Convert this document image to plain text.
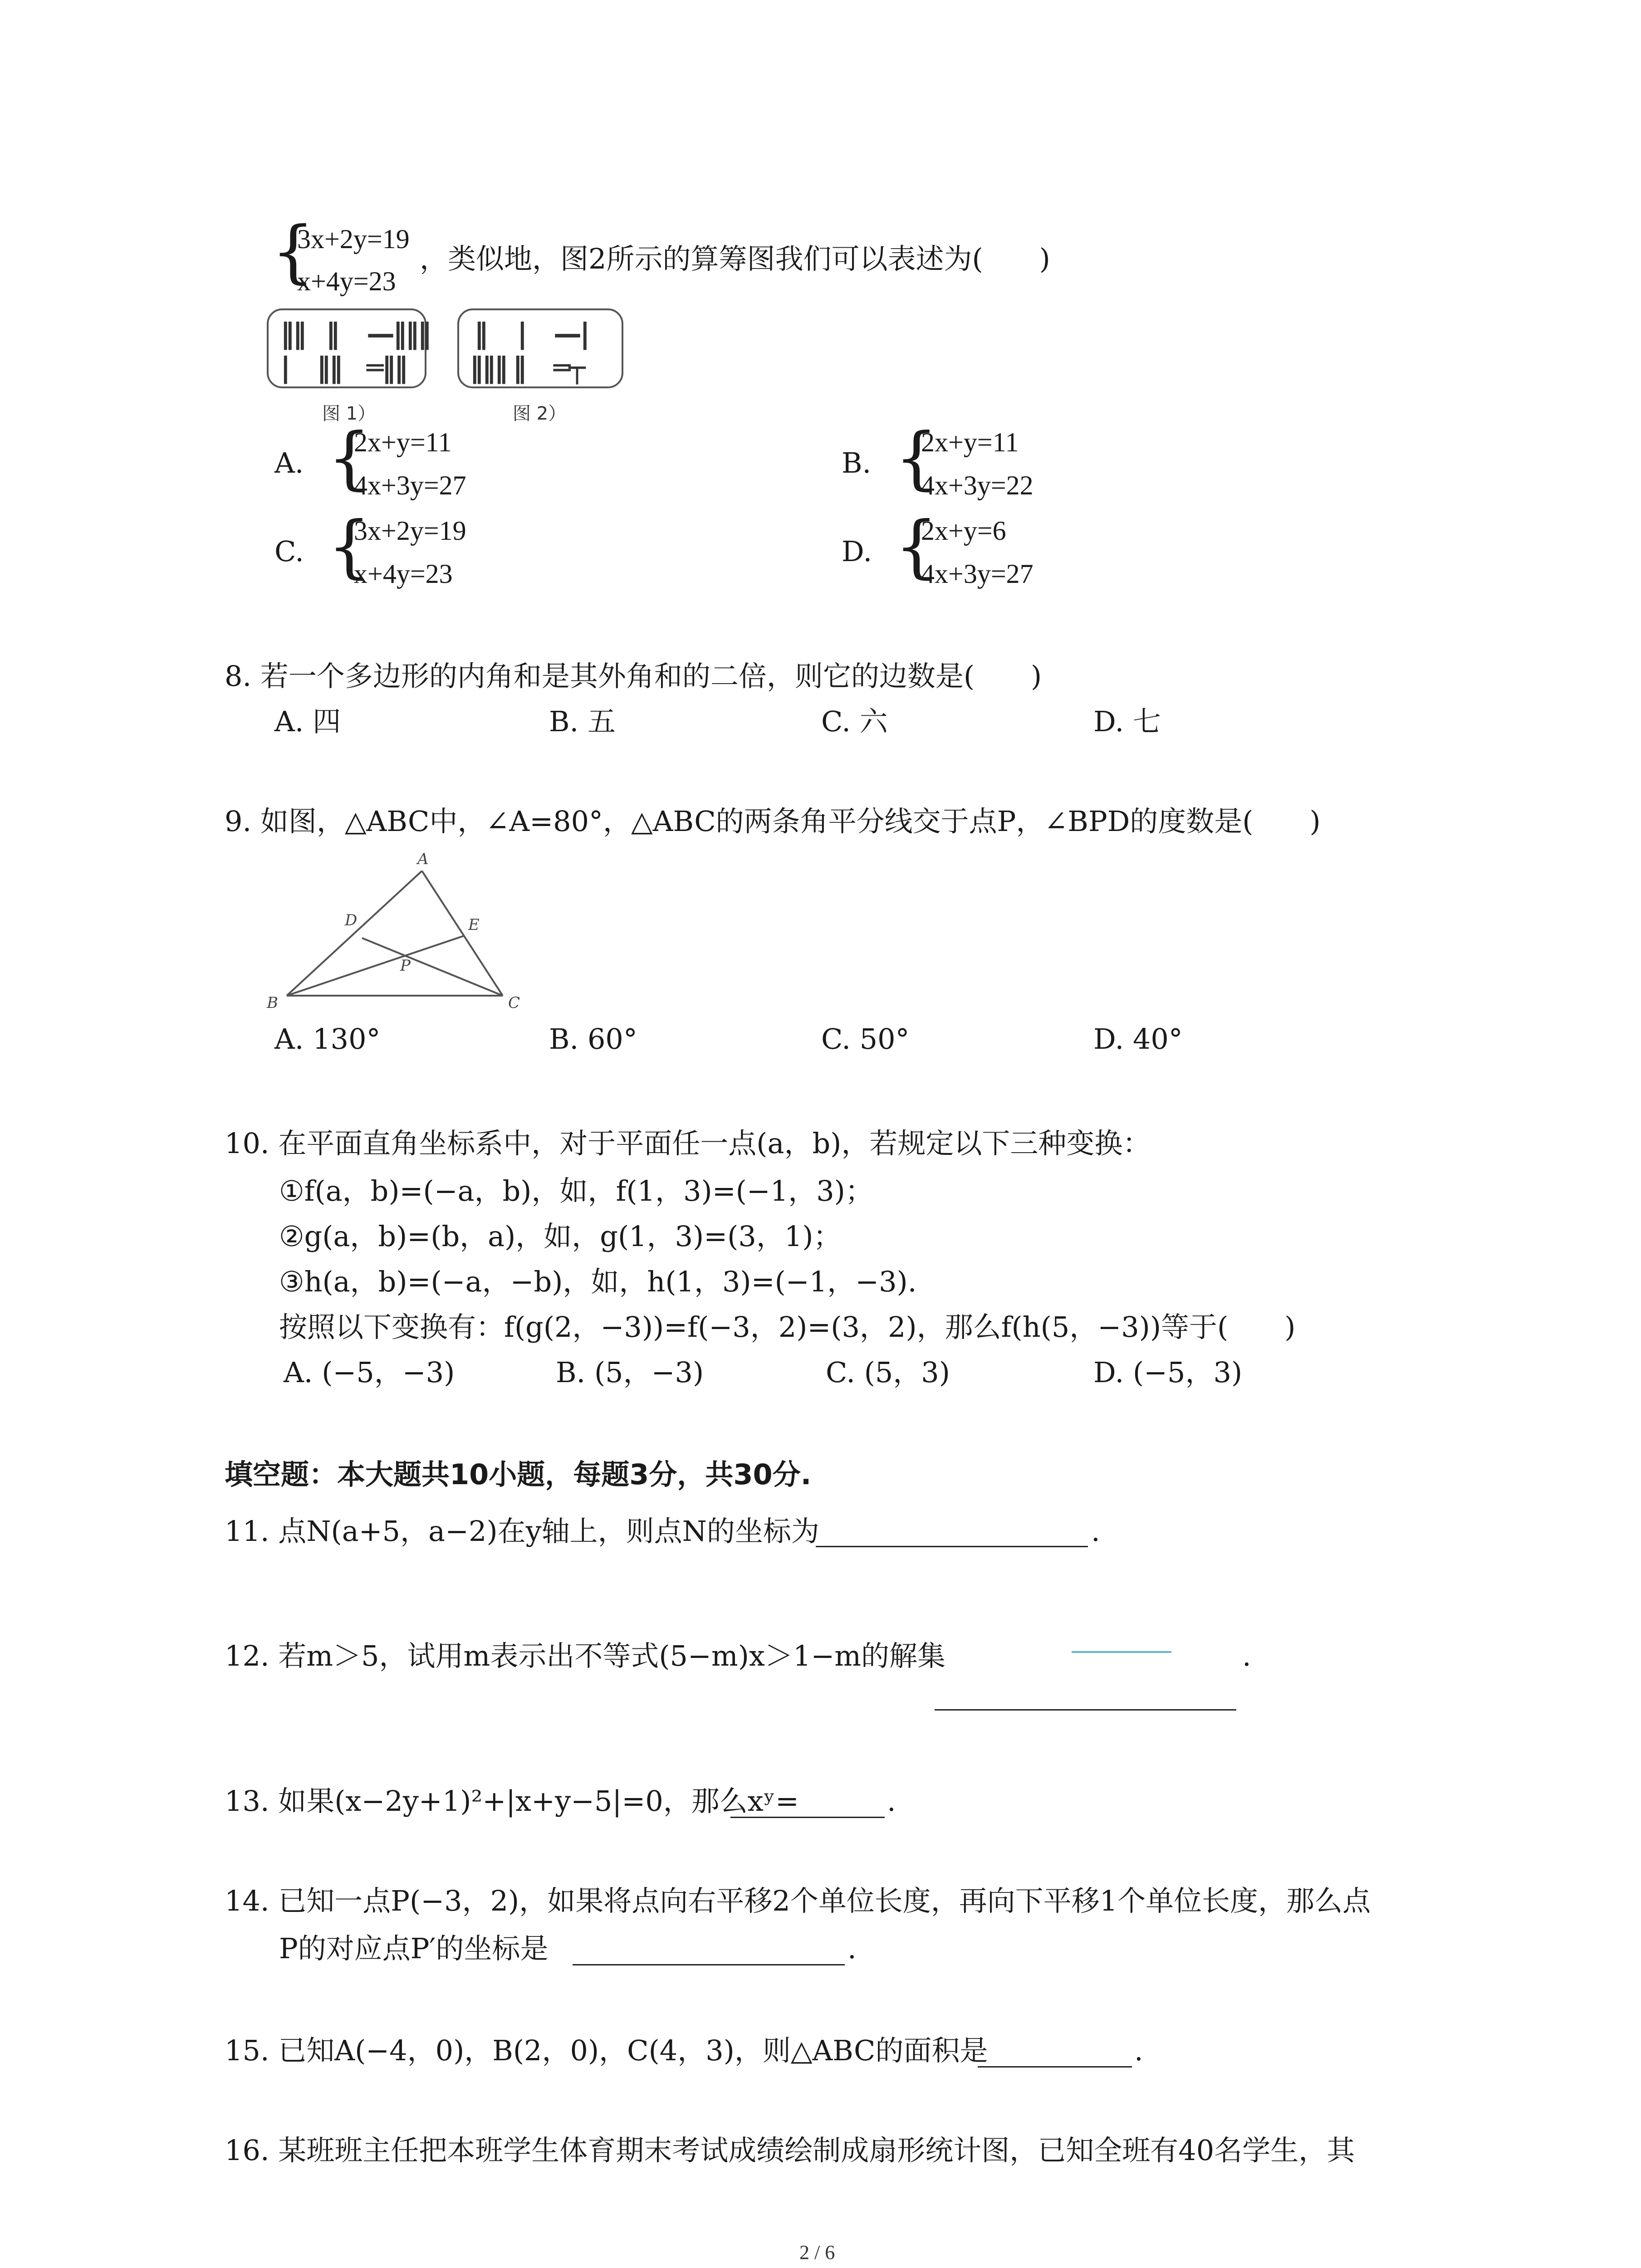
{
3x+2y=19
x+4y=23
，类似地，图2所示的算筹图我们可以表述为(　　)
‖‖ ‖ —‖‖‖
| ‖‖ ═‖‖
图 1）
‖ | —|
‖‖‖ ‖ ═┬
图 2）
A. {
2x+y=11
4x+3y=27
B. {
2x+y=11
4x+3y=22
C. {
3x+2y=19
x+4y=23
D. {
2x+y=6
4x+3y=27
8. 若一个多边形的内角和是其外角和的二倍，则它的边数是(　　)
A. 四	B. 五	C. 六	D. 七
9. 如图，△ABC中，∠A=80°，△ABC的两条角平分线交于点P，∠BPD的度数是(　　)
A
D	E
P
B	C
A. 130°	B. 60°	C. 50°	D. 40°
10. 在平面直角坐标系中，对于平面任一点(a，b)，若规定以下三种变换：
①f(a，b)=(−a，b)，如，f(1，3)=(−1，3)；
②g(a，b)=(b，a)，如，g(1，3)=(3，1)；
③h(a，b)=(−a，−b)，如，h(1，3)=(−1，−3).
按照以下变换有：f(g(2，−3))=f(−3，2)=(3，2)，那么f(h(5，−3))等于(　　)
A. (−5，−3)	B. (5，−3)	C. (5，3)	D. (−5，3)
填空题：本大题共10小题，每题3分，共30分.
11. 点N(a+5，a−2)在y轴上，则点N的坐标为	.
12. 若m＞5，试用m表示出不等式(5−m)x＞1−m的解集	.
13. 如果(x−2y+1)²+|x+y−5|=0，那么xʸ=	.
14. 已知一点P(−3，2)，如果将点向右平移2个单位长度，再向下平移1个单位长度，那么点
P的对应点P′的坐标是	.
15. 已知A(−4，0)，B(2，0)，C(4，3)，则△ABC的面积是	.
16. 某班班主任把本班学生体育期末考试成绩绘制成扇形统计图，已知全班有40名学生，其
2 / 6
